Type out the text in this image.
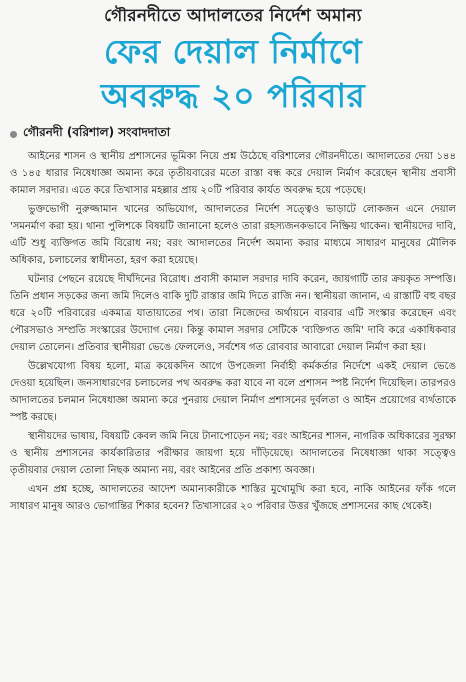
গৌরনদীতে আদালতের নির্দেশ অমান্য
ফের দেয়াল নির্মাণে
অবরুদ্ধ ২০ পরিবার
গৌরনদী (বরিশাল) সংবাদদাতা

আইনের শাসন ও স্থানীয় প্রশাসনের ভূমিকা নিয়ে প্রশ্ন উঠেছে বরিশালের গৌরনদীতে। আদালতের দেয়া ১৪৪ ও ১৪৫ ধারার নিষেধাজ্ঞা অমান্য করে তৃতীয়বারের মতো রাস্তা বন্ধ করে দেয়াল নির্মাণ করেছেন স্থানীয় প্রবাসী কামাল সরদার। এতে করে তিখাসার মহল্লার প্রায় ২০টি পরিবার কার্যত অবরুদ্ধ হয়ে পড়েছে।

ভুক্তভোগী নুরুজ্জামান খানের অভিযোগ, আদালতের নির্দেশ সত্ত্বেও ভাড়াটে লোকজন এনে দেয়াল 'সমনর্মাণ করা হয়। থানা পুলিশকে বিষয়টি জানানো হলেও তারা রহস্যজনকভাবে নিষ্ক্রিয় থাকেন। স্থানীয়দের দাবি, এটি শুধু ব্যক্তিগত জমি বিরোধ নয়; বরং আদালতের নির্দেশ অমান্য করার মাধ্যমে সাধারণ মানুষের মৌলিক অধিকার, চলাচলের স্বাধীনতা, হরণ করা হয়েছে।

ঘটনার পেছনে রয়েছে দীর্ঘদিনের বিরোধ। প্রবাসী কামাল সরদার দাবি করেন, জায়গাটি তার ক্রয়কৃত সম্পত্তি। তিনি প্রধান সড়কের জন্য জমি দিলেও বাকি দুটি রাস্তার জমি দিতে রাজি নন। স্থানীয়রা জানান, এ রাস্তাটি বহু বছর ধরে ২০টি পরিবারের একমাত্র যাতায়াতের পথ। তারা নিজেদের অর্থায়নে বারবার এটি সংস্কার করেছেন এবং পৌরসভাও সম্প্রতি সংস্কারের উদ্যোগ নেয়। কিন্তু কামাল সরদার সেটিকে 'ব্যক্তিগত জমি' দাবি করে একাধিকবার দেয়াল তোলেন। প্রতিবার স্থানীয়রা ভেঙে ফেললেও, সর্বশেষ গত রোববার আবারো দেয়াল নির্মাণ করা হয়।

উল্লেখযোগ্য বিষয় হলো, মাত্র কয়েকদিন আগে উপজেলা নির্বাহী কর্মকর্তার নির্দেশে একই দেয়াল ভেঙে দেওয়া হয়েছিল। জনসাধারণের চলাচলের পথ অবরুদ্ধ করা যাবে না বলে প্রশাসন স্পষ্ট নির্দেশ দিয়েছিল। তারপরও আদালতের চলমান নিষেধাজ্ঞা অমান্য করে পুনরায় দেয়াল নির্মাণ প্রশাসনের দুর্বলতা ও আইন প্রয়োগের ব্যর্থতাকে স্পষ্ট করছে।

স্থানীয়দের ভাষায়, বিষয়টি কেবল জমি নিয়ে টানাপোড়েন নয়; বরং আইনের শাসন, নাগরিক অধিকারের সুরক্ষা ও স্থানীয় প্রশাসনের কার্যকারিতার পরীক্ষার জায়গা হয়ে দাঁড়িয়েছে। আদালতের নিষেধাজ্ঞা থাকা সত্ত্বেও তৃতীয়বার দেয়াল তোলা নিছক অমান্য নয়, বরং আইনের প্রতি প্রকাশ্য অবজ্ঞা।

এখন প্রশ্ন হচ্ছে, আদালতের আদেশ অমান্যকারীকে শাস্তির মুখোমুখি করা হবে, নাকি আইনের ফাঁক গলে সাধারণ মানুষ আরও ভোগান্তির শিকার হবেন? তিখাসারের ২০ পরিবার উত্তর খুঁজছে প্রশাসনের কাছ থেকেই।
